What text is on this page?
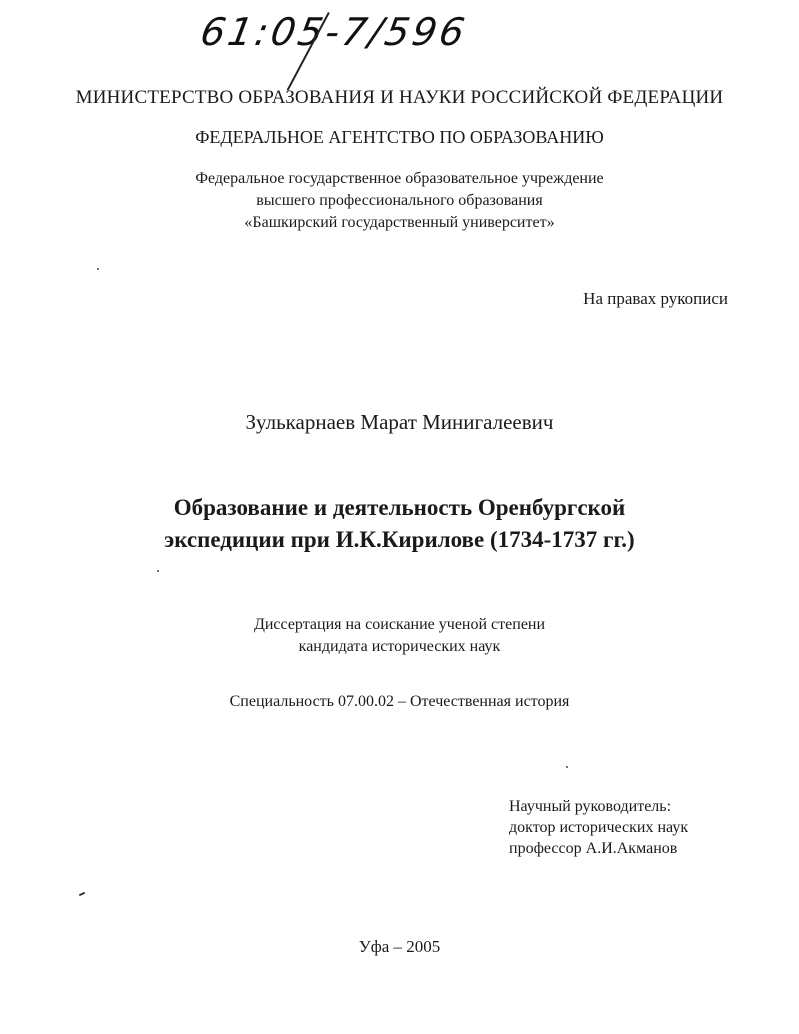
61:05-7/596
МИНИСТЕРСТВО ОБРАЗОВАНИЯ И НАУКИ РОССИЙСКОЙ ФЕДЕРАЦИИ
ФЕДЕРАЛЬНОЕ АГЕНТСТВО ПО ОБРАЗОВАНИЮ
Федеральное государственное образовательное учреждение
высшего профессионального образования
«Башкирский государственный университет»
На правах рукописи
Зулькарнаев Марат Минигалеевич
Образование и деятельность Оренбургской
экспедиции при И.К.Кирилове (1734-1737 гг.)
Диссертация на соискание ученой степени
кандидата исторических наук
Специальность 07.00.02 – Отечественная история
Научный руководитель:
доктор исторических наук
профессор А.И.Акманов
Уфа – 2005
